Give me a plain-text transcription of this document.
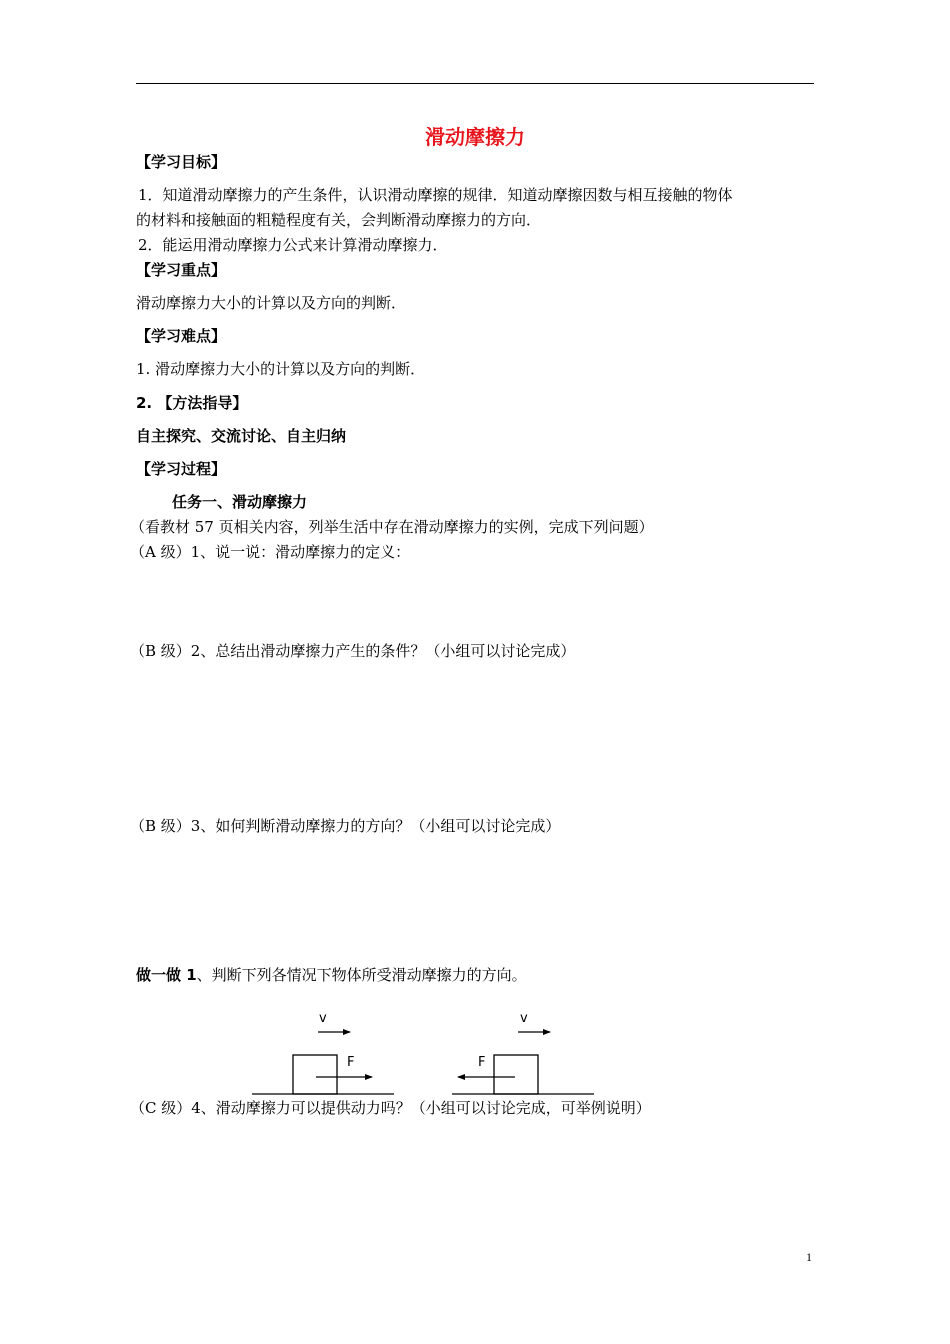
滑动摩擦力
【学习目标】
1．知道滑动摩擦力的产生条件，认识滑动摩擦的规律．知道动摩擦因数与相互接触的物体
的材料和接触面的粗糙程度有关，会判断滑动摩擦力的方向．
2．能运用滑动摩擦力公式来计算滑动摩擦力．
【学习重点】
滑动摩擦力大小的计算以及方向的判断．
【学习难点】
1. 滑动摩擦力大小的计算以及方向的判断．
2. 【方法指导】
自主探究、交流讨论、自主归纳
【学习过程】
任务一、滑动摩擦力
（看教材 57 页相关内容，列举生活中存在滑动摩擦力的实例，完成下列问题）
（A 级）1、说一说：滑动摩擦力的定义：
（B 级）2、总结出滑动摩擦力产生的条件？（小组可以讨论完成）
（B 级）3、如何判断滑动摩擦力的方向？（小组可以讨论完成）
做一做 1、判断下列各情况下物体所受滑动摩擦力的方向。
v
F
v
F
（C 级）4、滑动摩擦力可以提供动力吗？（小组可以讨论完成，可举例说明）
1
